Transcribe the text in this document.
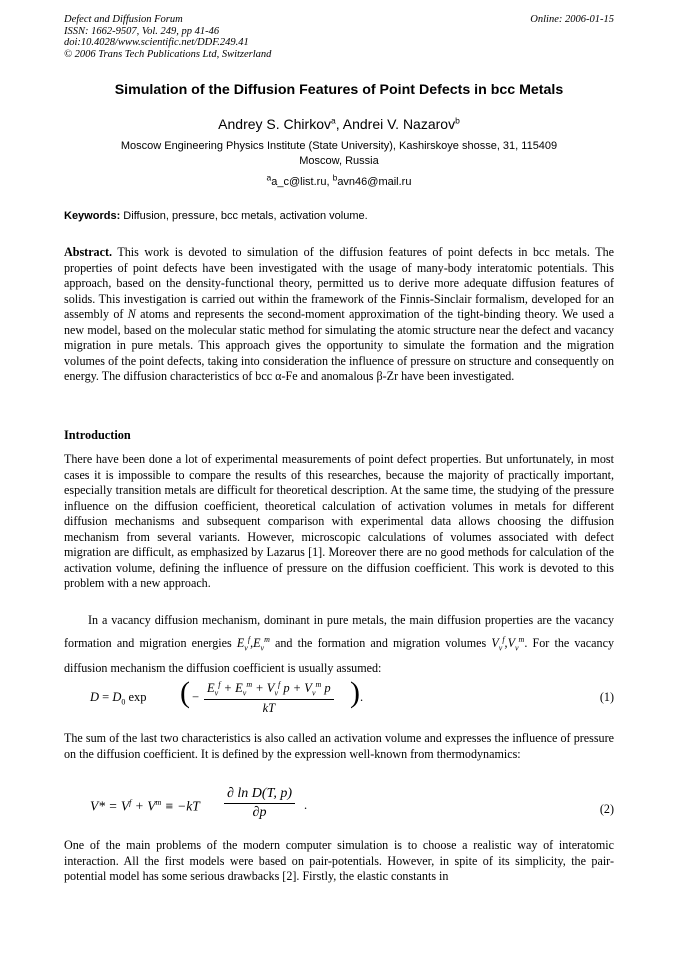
Defect and Diffusion Forum
ISSN: 1662-9507, Vol. 249, pp 41-46
doi:10.4028/www.scientific.net/DDF.249.41
© 2006 Trans Tech Publications Ltd, Switzerland
Online: 2006-01-15
Simulation of the Diffusion Features of Point Defects in bcc Metals
Andrey S. Chirkov$^a$, Andrei V. Nazarov$^b$
Moscow Engineering Physics Institute (State University), Kashirskoye shosse, 31, 115409
Moscow, Russia
$^a$a_c@list.ru, $^b$avn46@mail.ru
Keywords: Diffusion, pressure, bcc metals, activation volume.
Abstract. This work is devoted to simulation of the diffusion features of point defects in bcc metals. The properties of point defects have been investigated with the usage of many-body interatomic potentials. This approach, based on the density-functional theory, permitted us to derive more adequate diffusion features of solids. This investigation is carried out within the framework of the Finnis-Sinclair formalism, developed for an assembly of N atoms and represents the second-moment approximation of the tight-binding theory. We used a new model, based on the molecular static method for simulating the atomic structure near the defect and vacancy migration in pure metals. This approach gives the opportunity to simulate the formation and the migration volumes of the point defects, taking into consideration the influence of pressure on structure and consequently on energy. The diffusion characteristics of bcc α-Fe and anomalous β-Zr have been investigated.
Introduction
There have been done a lot of experimental measurements of point defect properties. But unfortunately, in most cases it is impossible to compare the results of this researches, because the majority of practically important, especially transition metals are difficult for theoretical description. At the same time, the studying of the pressure influence on the diffusion coefficient, theoretical calculation of activation volumes in metals for different diffusion mechanisms and subsequent comparison with experimental data allows choosing the diffusion mechanism from several variants. However, microscopic calculations of volumes associated with defect migration are difficult, as emphasized by Lazarus [1]. Moreover there are no good methods for calculation of the activation volume, defining the influence of pressure on the diffusion coefficient. This work is devoted to this problem with a new approach.
In a vacancy diffusion mechanism, dominant in pure metals, the main diffusion properties are the vacancy formation and migration energies $E_v^f,E_v^m$ and the formation and migration volumes $V_v^f,V_v^m$. For the vacancy diffusion mechanism the diffusion coefficient is usually assumed:
$D = D_0$ exp ( −
$E_v^f + E_v^m + V_v^f$ $p + V_v^m$ p
kT	) .	(1)
The sum of the last two characteristics is also called an activation volume and expresses the influence of pressure on the diffusion coefficient. It is defined by the expression well-known from thermodynamics:
$V* = V^f + V^m \equiv -kT \frac{\text{∂ ln D(T, p)}}{\partial p}$ .	(2)
One of the main problems of the modern computer simulation is to choose a realistic way of interatomic interaction. All the first models were based on pair-potentials. However, in spite of its simplicity, the pair-potential model has some serious drawbacks [2]. Firstly, the elastic constants in
